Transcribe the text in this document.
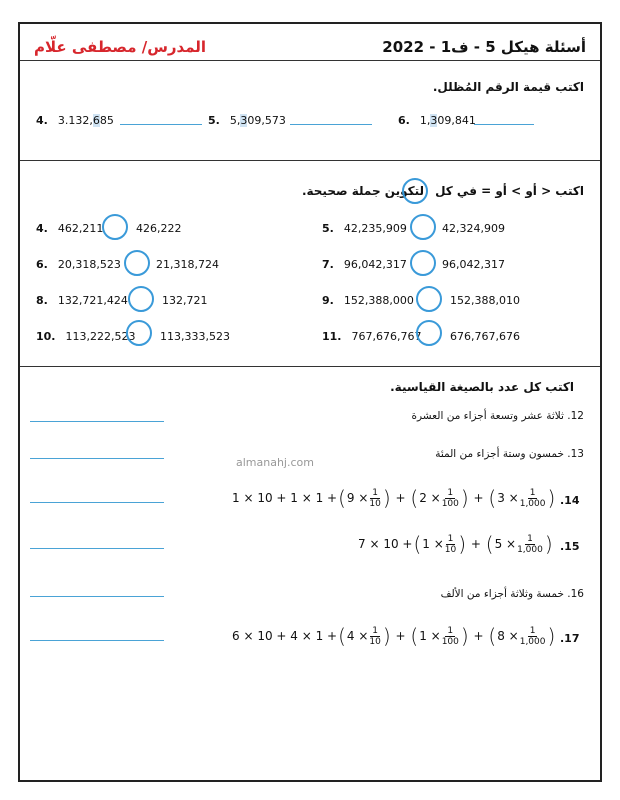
أسئلة هيكل 5 - ف1 - 2022
المدرس/ مصطفى علّام
اكتب قيمة الرقم المُظلل.
4. 3.132,685	5. 5,309,573	6. 1,309,841
لتكوين جملة صحيحة. اكتب < أو > أو = في كل
4. 462,211	426,222	5. 42,235,909	42,324,909
6. 20,318,523	21,318,724	7. 96,042,317	96,042,317
8. 132,721,424	132,721	9. 152,388,000	152,388,010
10. 113,222,523 113,333,523	11. 767,676,767	676,767,676
اكتب كل عدد بالصيغة القياسية.
12. ثلاثة عشر وتسعة أجزاء من العشرة
13. خمسون وستة أجزاء من المئة
almanahj.com
1 × 10 + 1 × 1 + ( $9 \times \frac{1}{10}$ ) + ( $2 \times \frac{1}{100}$ ) + ( $3 \times \frac{1}{1,000}$ ) .14
7 × 10 + ( $1 \times \frac{1}{10}$ ) + ( $5 \times \frac{1}{1,000}$ ) .15
16. خمسة وثلاثة أجزاء من الألف
6 × 10 + 4 × 1 + ( $4 \times \frac{1}{10}$ ) + ( $1 \times \frac{1}{100}$ ) + ( $8 \times \frac{1}{1,000}$ ) .17
